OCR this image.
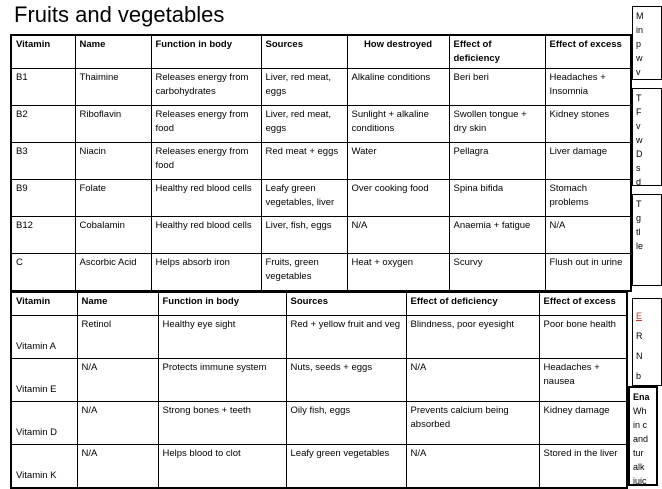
Fruits and vegetables
Vitamin	Name	Function in body	Sources	How destroyed	Effect of deficiency	Effect of excess
B1	Thaimine	Releases energy from carbohydrates	Liver, red meat, eggs	Alkaline conditions	Beri beri	Headaches + Insomnia
B2	Riboflavin	Releases energy from food	Liver, red meat, eggs	Sunlight + alkaline conditions	Swollen tongue + dry skin	Kidney stones
B3	Niacin	Releases energy from food	Red meat + eggs	Water	Pellagra	Liver damage
B9	Folate	Healthy red blood cells	Leafy green vegetables, liver	Over cooking food	Spina bifida	Stomach problems
B12	Cobalamin	Healthy red blood cells	Liver, fish, eggs	N/A	Anaemia + fatigue	N/A
C	Ascorbic Acid	Helps absorb iron	Fruits, green vegetables	Heat + oxygen	Scurvy	Flush out in urine
Vitamin	Name	Function in body	Sources	Effect of deficiency	Effect of excess
Vitamin A	Retinol	Healthy eye sight	Red + yellow fruit and veg	Blindness, poor eyesight	Poor bone health
Vitamin E	N/A	Protects immune system	Nuts, seeds + eggs	N/A	Headaches + nausea
Vitamin D	N/A	Strong bones + teeth	Oily fish, eggs	Prevents calcium being absorbed	Kidney damage
Vitamin K	N/A	Helps blood to clot	Leafy green vegetables	N/A	Stored in the liver
M
in
p
w
v
T
F
v
w
D
s
d
T
g
tl
le
E
R
N
b
Ena
Wh
in c
and
tur
alk
juic
